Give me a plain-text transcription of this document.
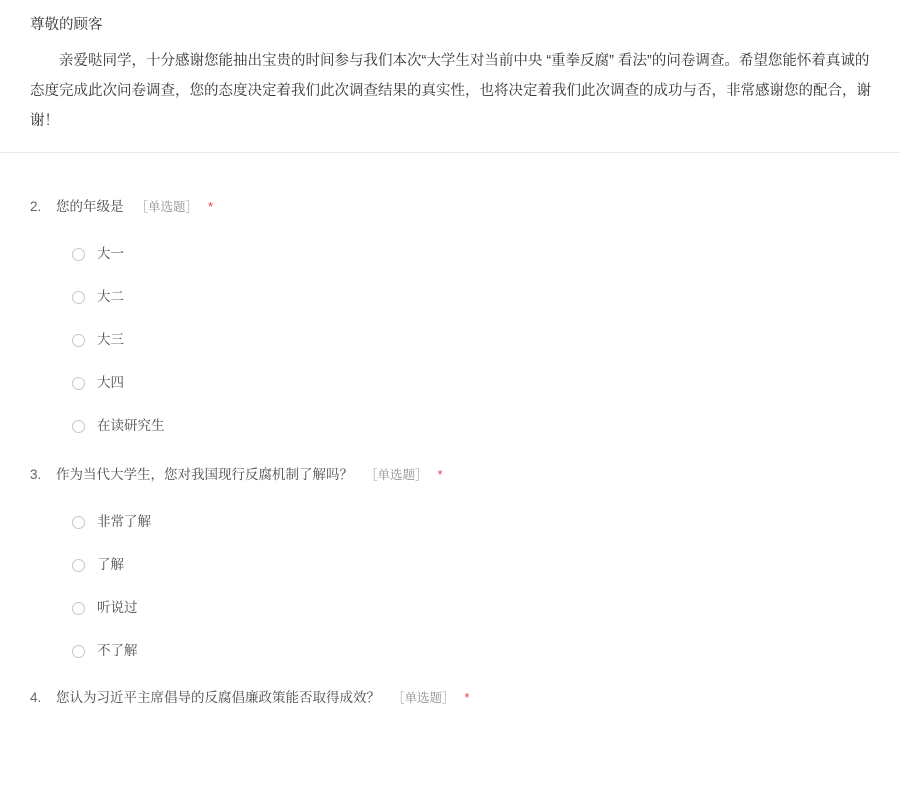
尊敬的顾客
亲爱哒同学，十分感谢您能抽出宝贵的时间参与我们本次“大学生对当前中央 “重拳反腐” 看法”的问卷调查。希望您能怀着真诚的态度完成此次问卷调查，您的态度决定着我们此次调查结果的真实性，也将决定着我们此次调查的成功与否，非常感谢您的配合，谢谢！
2.	您的年级是 ［单选题］ *
大一
大二
大三
大四
在读研究生
3.	作为当代大学生，您对我国现行反腐机制了解吗？ ［单选题］ *
非常了解
了解
听说过
不了解
4.	您认为习近平主席倡导的反腐倡廉政策能否取得成效？ ［单选题］ *
